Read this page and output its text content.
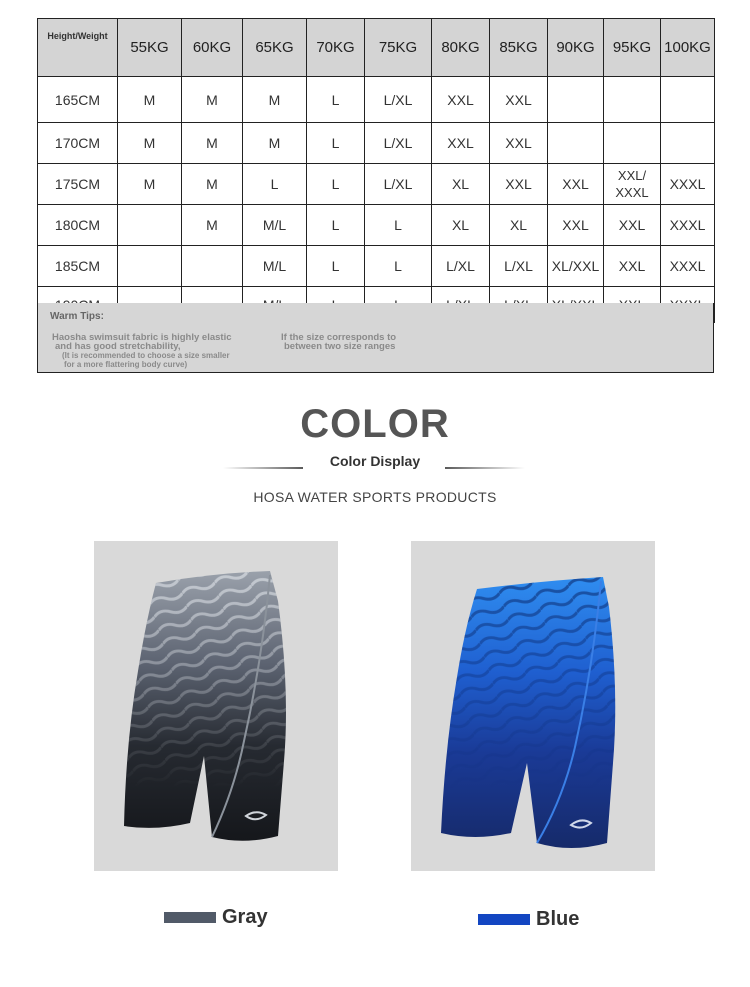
Height/Weight	55KG	60KG	65KG	70KG	75KG	80KG	85KG	90KG	95KG	100KG
165CM	M	M	M	L	L/XL	XXL	XXL			
170CM	M	M	M	L	L/XL	XXL	XXL			
175CM	M	M	L	L	L/XL	XL	XXL	XXL	XXL/ XXXL	XXXL
180CM		M	M/L	L	L	XL	XL	XXL	XXL	XXXL
185CM			M/L	L	L	L/XL	L/XL	XL/XXL	XXL	XXXL

Warm Tips:
Haosha swimsuit fabric is highly elastic
and has good stretchability,
(It is recommended to choose a size smaller
for a more flattering body curve)
If the size corresponds to
between two size ranges
COLOR
Color Display
HOSA WATER SPORTS PRODUCTS
Gray	Blue
